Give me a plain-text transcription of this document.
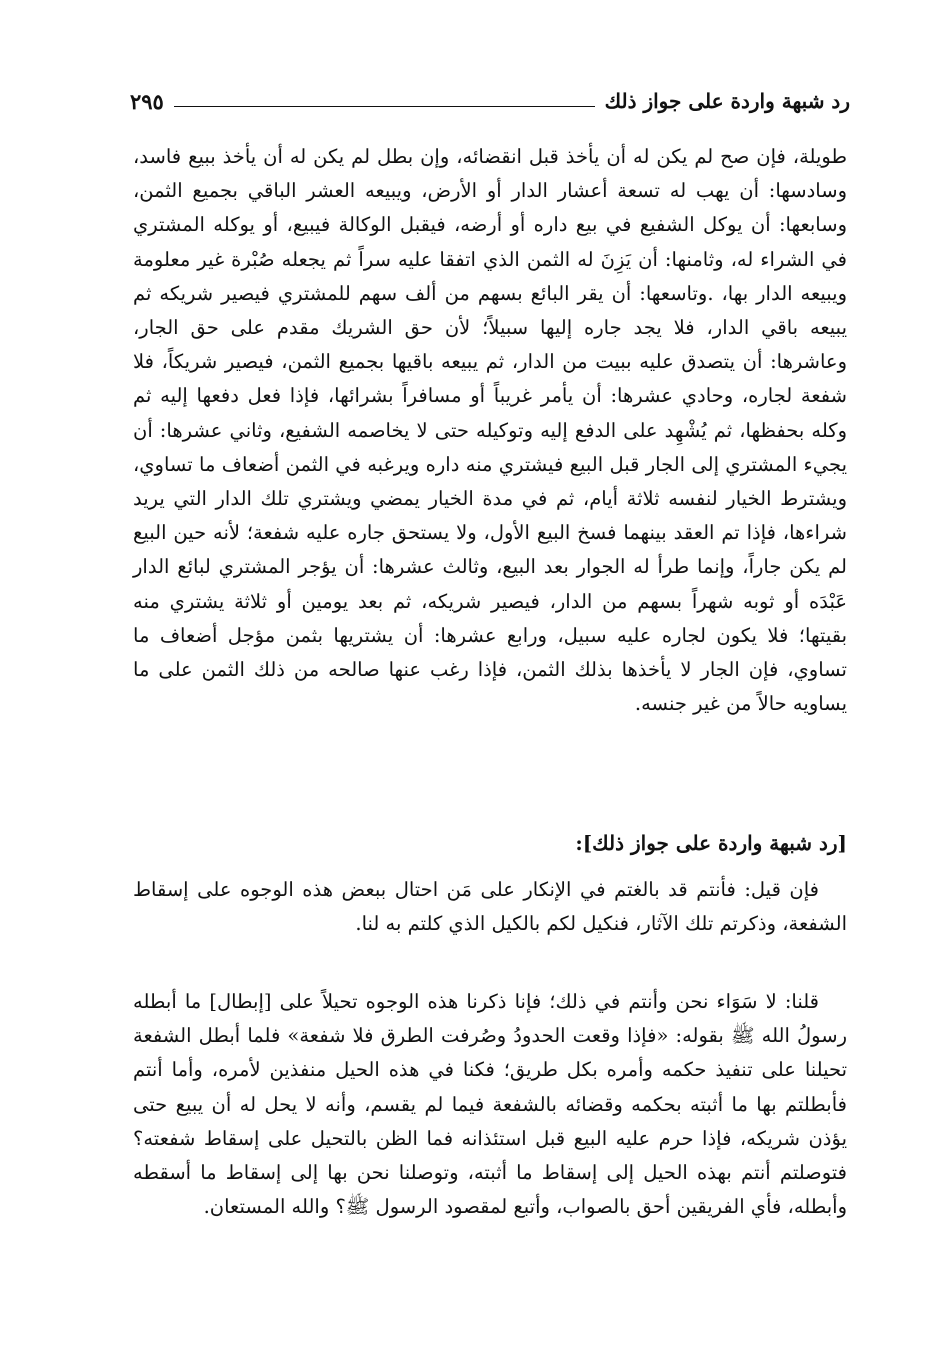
رد شبهة واردة على جواز ذلك
٢٩٥

طويلة، فإن صح لم يكن له أن يأخذ قبل انقضائه، وإن بطل لم يكن له أن يأخذ ببيع فاسد، وسادسها: أن يهب له تسعة أعشار الدار أو الأرض، ويبيعه العشر الباقي بجميع الثمن، وسابعها: أن يوكل الشفيع في بيع داره أو أرضه، فيقبل الوكالة فيبيع، أو يوكله المشتري في الشراء له، وثامنها: أن يَزِنَ له الثمن الذي اتفقا عليه سراً ثم يجعله صُبْرة غير معلومة ويبيعه الدار بها، .وتاسعها: أن يقر البائع بسهم من ألف سهم للمشتري فيصير شريكه ثم يبيعه باقي الدار، فلا يجد جاره إليها سبيلاً؛ لأن حق الشريك مقدم على حق الجار، وعاشرها: أن يتصدق عليه ببيت من الدار، ثم يبيعه باقيها بجميع الثمن، فيصير شريكاً، فلا شفعة لجاره، وحادي عشرها: أن يأمر غريباً أو مسافراً بشرائها، فإذا فعل دفعها إليه ثم وكله بحفظها، ثم يُشْهِد على الدفع إليه وتوكيله حتى لا يخاصمه الشفيع، وثاني عشرها: أن يجيء المشتري إلى الجار قبل البيع فيشتري منه داره ويرغبه في الثمن أضعاف ما تساوي، ويشترط الخيار لنفسه ثلاثة أيام، ثم في مدة الخيار يمضي ويشتري تلك الدار التي يريد شراءها، فإذا تم العقد بينهما فسخ البيع الأول، ولا يستحق جاره عليه شفعة؛ لأنه حين البيع لم يكن جاراً، وإنما طرأ له الجوار بعد البيع، وثالث عشرها: أن يؤجر المشتري لبائع الدار عَبْدَه أو ثوبه شهراً بسهم من الدار، فيصير شريكه، ثم بعد يومين أو ثلاثة يشتري منه بقيتها؛ فلا يكون لجاره عليه سبيل، ورابع عشرها: أن يشتريها بثمن مؤجل أضعاف ما تساوي، فإن الجار لا يأخذها بذلك الثمن، فإذا رغب عنها صالحه من ذلك الثمن على ما يساويه حالاً من غير جنسه.

[رد شبهة واردة على جواز ذلك]:

فإن قيل: فأنتم قد بالغتم في الإنكار على مَن احتال ببعض هذه الوجوه على إسقاط الشفعة، وذكرتم تلك الآثار، فنكيل لكم بالكيل الذي كلتم به لنا.

قلنا: لا سَوَاء نحن وأنتم في ذلك؛ فإنا ذكرنا هذه الوجوه تحيلاً على [إبطال] ما أبطله رسولُ الله ﷺ بقوله: «فإذا وقعت الحدودُ وصُرفت الطرق فلا شفعة» فلما أبطل الشفعة تحيلنا على تنفيذ حكمه وأمره بكل طريق؛ فكنا في هذه الحيل منفذين لأمره، وأما أنتم فأبطلتم بها ما أثبته بحكمه وقضائه بالشفعة فيما لم يقسم، وأنه لا يحل له أن يبيع حتى يؤذن شريكه، فإذا حرم عليه البيع قبل استئذانه فما الظن بالتحيل على إسقاط شفعته؟ فتوصلتم أنتم بهذه الحيل إلى إسقاط ما أثبته، وتوصلنا نحن بها إلى إسقاط ما أسقطه وأبطله، فأي الفريقين أحق بالصواب، وأتبع لمقصود الرسول ﷺ؟ والله المستعان.
